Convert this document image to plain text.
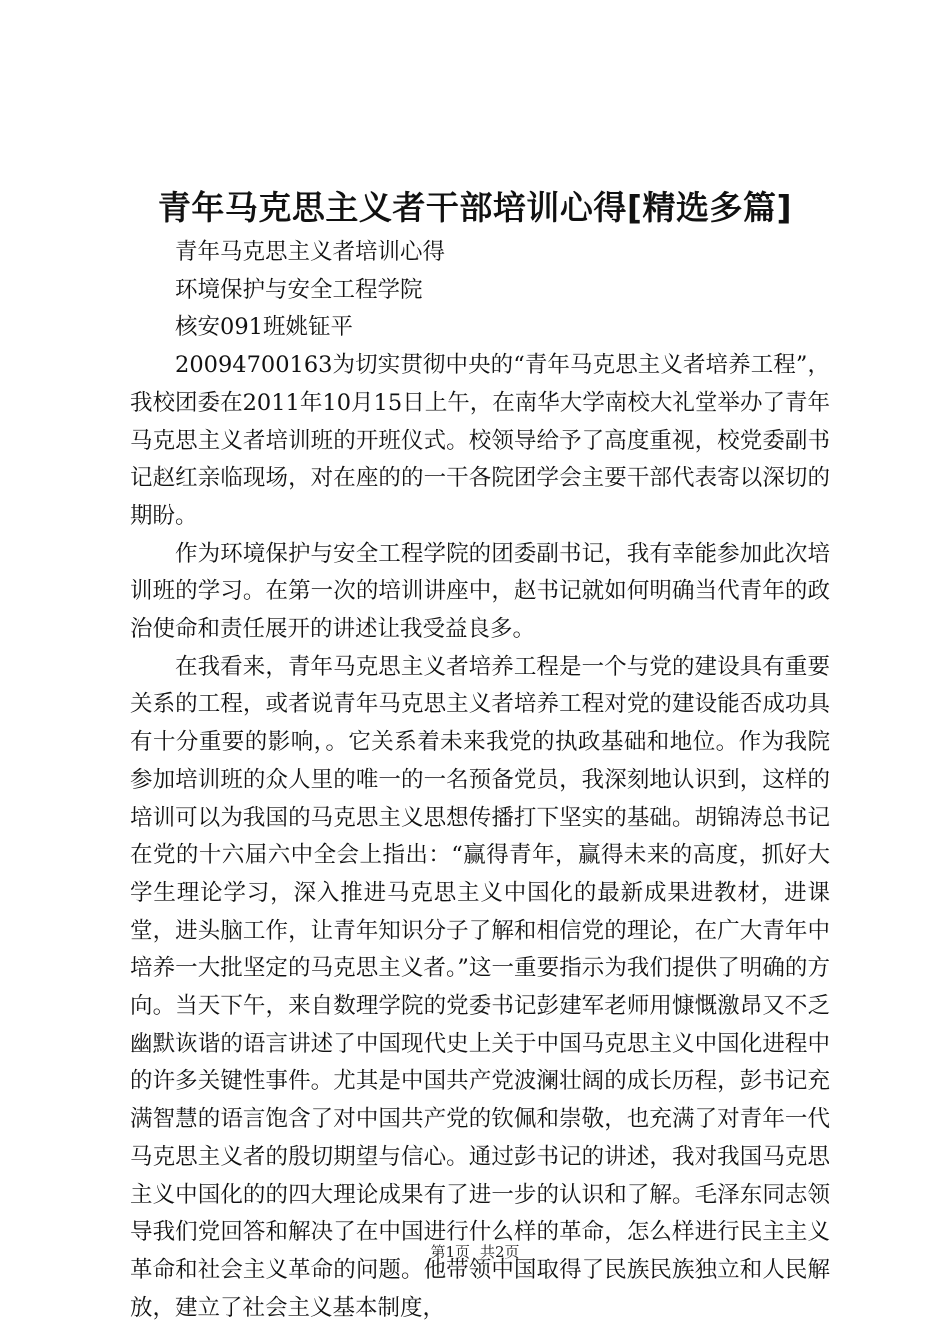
青年马克思主义者干部培训心得[精选多篇]

青年马克思主义者培训心得

环境保护与安全工程学院

核安091班姚钲平

20094700163为切实贯彻中央的“青年马克思主义者培养工程”，我校团委在2011年10月15日上午，在南华大学南校大礼堂举办了青年马克思主义者培训班的开班仪式。校领导给予了高度重视，校党委副书记赵红亲临现场，对在座的的一干各院团学会主要干部代表寄以深切的期盼。

作为环境保护与安全工程学院的团委副书记，我有幸能参加此次培训班的学习。在第一次的培训讲座中，赵书记就如何明确当代青年的政治使命和责任展开的讲述让我受益良多。

在我看来，青年马克思主义者培养工程是一个与党的建设具有重要关系的工程，或者说青年马克思主义者培养工程对党的建设能否成功具有十分重要的影响，。它关系着未来我党的执政基础和地位。作为我院参加培训班的众人里的唯一的一名预备党员，我深刻地认识到，这样的培训可以为我国的马克思主义思想传播打下坚实的基础。胡锦涛总书记在党的十六届六中全会上指出：“赢得青年，赢得未来的高度，抓好大学生理论学习，深入推进马克思主义中国化的最新成果进教材，进课堂，进头脑工作，让青年知识分子了解和相信党的理论，在广大青年中培养一大批坚定的马克思主义者。”这一重要指示为我们提供了明确的方向。当天下午，来自数理学院的党委书记彭建军老师用慷慨激昂又不乏幽默诙谐的语言讲述了中国现代史上关于中国马克思主义中国化进程中的许多关键性事件。尤其是中国共产党波澜壮阔的成长历程，彭书记充满智慧的语言饱含了对中国共产党的钦佩和崇敬，也充满了对青年一代马克思主义者的殷切期望与信心。通过彭书记的讲述，我对我国马克思主义中国化的的四大理论成果有了进一步的认识和了解。毛泽东同志领导我们党回答和解决了在中国进行什么样的革命，怎么样进行民主主义革命和社会主义革命的问题。他带领中国取得了民族民族独立和人民解放，建立了社会主义基本制度，

第1页 共2页
